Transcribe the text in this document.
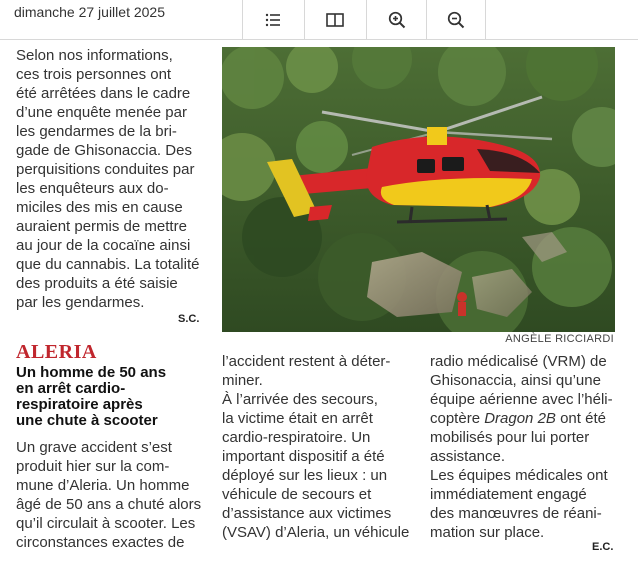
dimanche 27 juillet 2025

Selon nos informations,

ces trois personnes ont

été arrêtées dans le cadre

d’une enquête menée par

les gendarmes de la bri-

gade de Ghisonaccia. Des

perquisitions conduites par

les enquêteurs aux do-

miciles des mis en cause

auraient permis de mettre

au jour de la cocaïne ainsi

que du cannabis. La totalité

des produits a été saisie

par les gendarmes.

S.C.
ANGÈLE RICCIARDI
ALERIA
Un homme de 50 ans
en arrêt cardio-
respiratoire après
une chute à scooter

Un grave accident s’est

produit hier sur la com-

mune d’Aleria. Un homme

âgé de 50 ans a chuté alors

qu’il circulait à scooter. Les

circonstances exactes de

l’accident restent à déter-

miner.

À l’arrivée des secours,

la victime était en arrêt

cardio-respiratoire. Un

important dispositif a été

déployé sur les lieux : un

véhicule de secours et

d’assistance aux victimes

(VSAV) d’Aleria, un véhicule

radio médicalisé (VRM) de

Ghisonaccia, ainsi qu’une

équipe aérienne avec l’héli-

coptère Dragon 2B ont été

mobilisés pour lui porter

assistance.

Les équipes médicales ont

immédiatement engagé

des manœuvres de réani-

mation sur place.

E.C.
